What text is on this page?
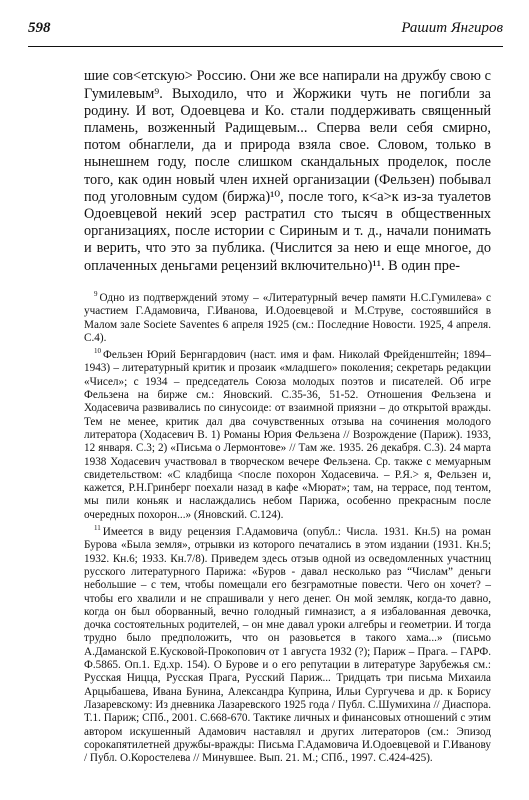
598	Рашит Янгиров

шие сов<етскую> Россию. Они же все напирали на дружбу свою с Гумилевым⁹. Выходило, что и Жоржики чуть не погибли за родину. И вот, Одоевцева и Ко. стали поддерживать священный пламень, возженный Радищевым... Сперва вели себя смирно, потом обнаглели, да и природа взяла свое. Словом, только в нынешнем году, после слишком скандальных проделок, после того, как один новый член ихней организации (Фельзен) побывал под уголовным судом (биржа)¹⁰, после того, к<а>к из-за туалетов Одоевцевой некий эсер растратил сто тысяч в общественных организациях, после истории с Сириным и т. д., начали понимать и верить, что это за публика. (Числится за нею и еще многое, до оплаченных деньгами рецензий включительно)¹¹. В один пре-

$^9$ Одно из подтверждений этому – «Литературный вечер памяти Н.С.Гумилева» с участием Г.Адамовича, Г.Иванова, И.Одоевцевой и М.Струве, состоявшийся в Малом зале Societe Saventes 6 апреля 1925 (см.: Последние Новости. 1925, 4 апреля. С.4).

$^{10}$ Фельзен Юрий Бернгардович (наст. имя и фам. Николай Фрейденштейн; 1894–1943) – литературный критик и прозаик «младшего» поколения; секретарь редакции «Чисел»; с 1934 – председатель Союза молодых поэтов и писателей. Об игре Фельзена на бирже см.: Яновский. С.35-36, 51-52. Отношения Фельзена и Ходасевича развивались по синусоиде: от взаимной приязни – до открытой вражды. Тем не менее, критик дал два сочувственных отзыва на сочинения молодого литератора (Ходасевич В. 1) Романы Юрия Фельзена // Возрождение (Париж). 1933, 12 января. С.3; 2) «Письма о Лермонтове» // Там же. 1935. 26 декабря. С.3). 24 марта 1938 Ходасевич участвовал в творческом вечере Фельзена. Ср. также с мемуарным свидетельством: «С кладбища <после похорон Ходасевича. – Р.Я.> я, Фельзен и, кажется, Р.Н.Гринберг поехали назад в кафе «Мюрат»; там, на террасе, под тентом, мы пили коньяк и наслаждались небом Парижа, особенно прекрасным после очередных похорон...» (Яновский. С.124).

$^{11}$ Имеется в виду рецензия Г.Адамовича (опубл.: Числа. 1931. Кн.5) на роман Бурова «Была земля», отрывки из которого печатались в этом издании (1931. Кн.5; 1932. Кн.6; 1933. Кн.7/8). Приведем здесь отзыв одной из осведомленных участниц русского литературного Парижа: «Буров - давал несколько раз “Числам” деньги небольшие – с тем, чтобы помещали его безграмотные повести. Чего он хочет? – чтобы его хвалили и не спрашивали у него денег. Он мой земляк, когда-то давно, когда он был оборванный, вечно голодный гимназист, а я избалованная девочка, дочка состоятельных родителей, – он мне давал уроки алгебры и геометрии. И тогда трудно было предположить, что он разовьется в такого хама...» (письмо А.Даманской Е.Кусковой-Прокопович от 1 августа 1932 (?); Париж – Прага. – ГАРФ. Ф.5865. Оп.1. Ед.хр. 154). О Бурове и о его репутации в литературе Зарубежья см.: Русская Ницца, Русская Прага, Русский Париж... Тридцать три письма Михаила Арцыбашева, Ивана Бунина, Александра Куприна, Ильи Сургучева и др. к Борису Лазаревскому: Из дневника Лазаревского 1925 года / Публ. С.Шумихина // Диаспора. Т.1. Париж; СПб., 2001. С.668-670. Тактике личных и финансовых отношений с этим автором искушенный Адамович наставлял и других литераторов (см.: Эпизод сорокапятилетней дружбы-вражды: Письма Г.Адамовича И.Одоевцевой и Г.Иванову / Публ. О.Коростелева // Минувшее. Вып. 21. М.; СПб., 1997. С.424-425).
